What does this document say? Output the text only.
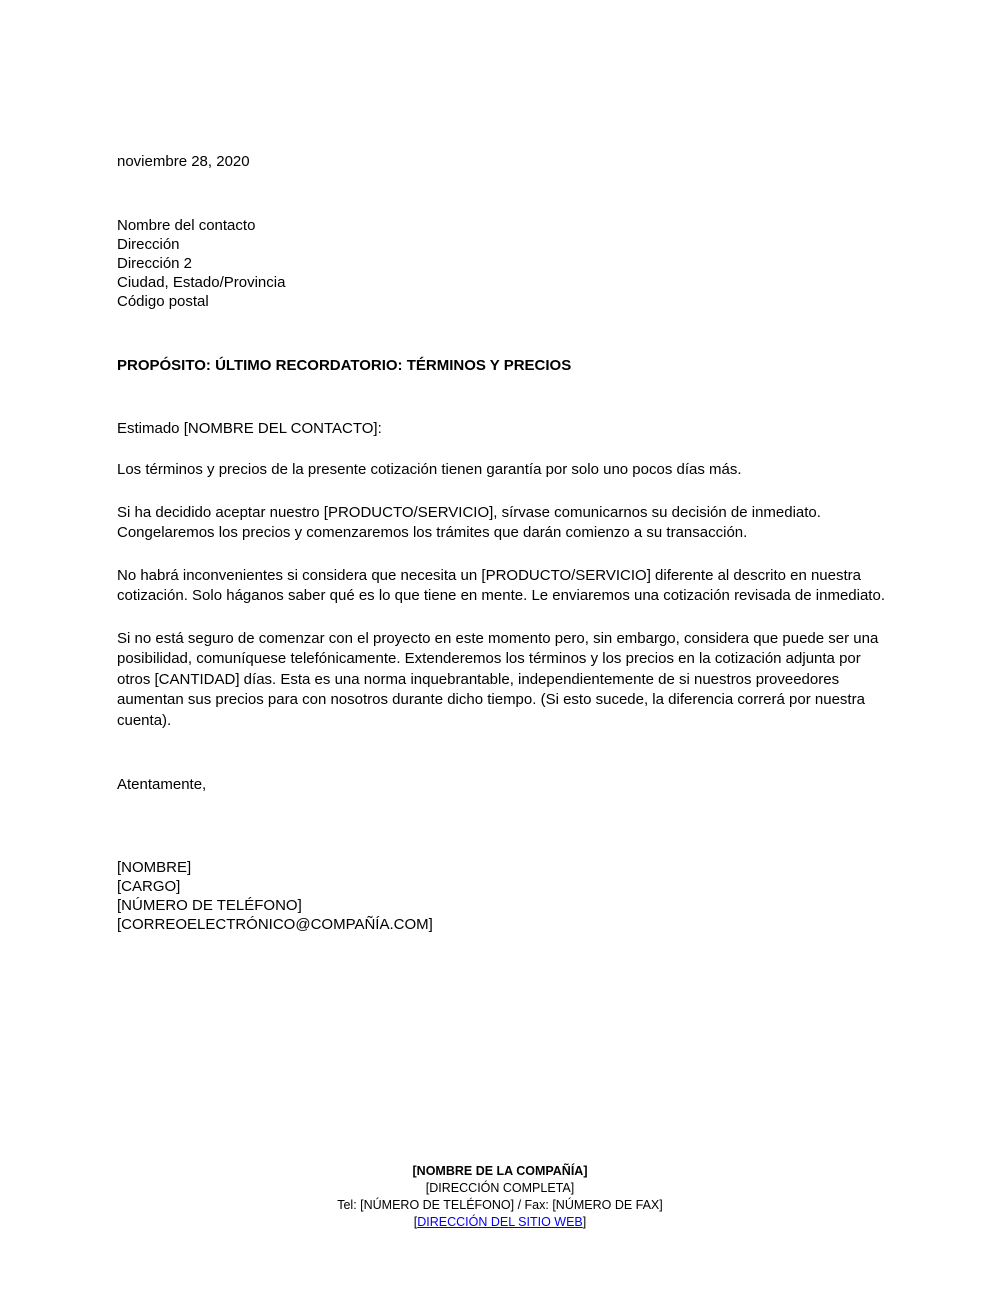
noviembre 28, 2020
Nombre del contacto
Dirección
Dirección 2
Ciudad, Estado/Provincia
Código postal
PROPÓSITO: ÚLTIMO RECORDATORIO: TÉRMINOS Y PRECIOS
Estimado [NOMBRE DEL CONTACTO]:

Los términos y precios de la presente cotización tienen garantía por solo uno pocos días más.

Si ha decidido aceptar nuestro [PRODUCTO/SERVICIO], sírvase comunicarnos su decisión de inmediato. Congelaremos los precios y comenzaremos los trámites que darán comienzo a su transacción.

No habrá inconvenientes si considera que necesita un [PRODUCTO/SERVICIO] diferente al descrito en nuestra cotización. Solo háganos saber qué es lo que tiene en mente. Le enviaremos una cotización revisada de inmediato.

Si no está seguro de comenzar con el proyecto en este momento pero, sin embargo, considera que puede ser una posibilidad, comuníquese telefónicamente. Extenderemos los términos y los precios en la cotización adjunta por otros [CANTIDAD] días. Esta es una norma inquebrantable, independientemente de si nuestros proveedores aumentan sus precios para con nosotros durante dicho tiempo. (Si esto sucede, la diferencia correrá por nuestra cuenta).

Atentamente,
[NOMBRE]
[CARGO]
[NÚMERO DE TELÉFONO]
[CORREOELECTRÓNICO@COMPAÑÍA.COM]
[NOMBRE DE LA COMPAÑÍA]
[DIRECCIÓN COMPLETA]
Tel: [NÚMERO DE TELÉFONO] / Fax: [NÚMERO DE FAX]
[DIRECCIÓN DEL SITIO WEB]
